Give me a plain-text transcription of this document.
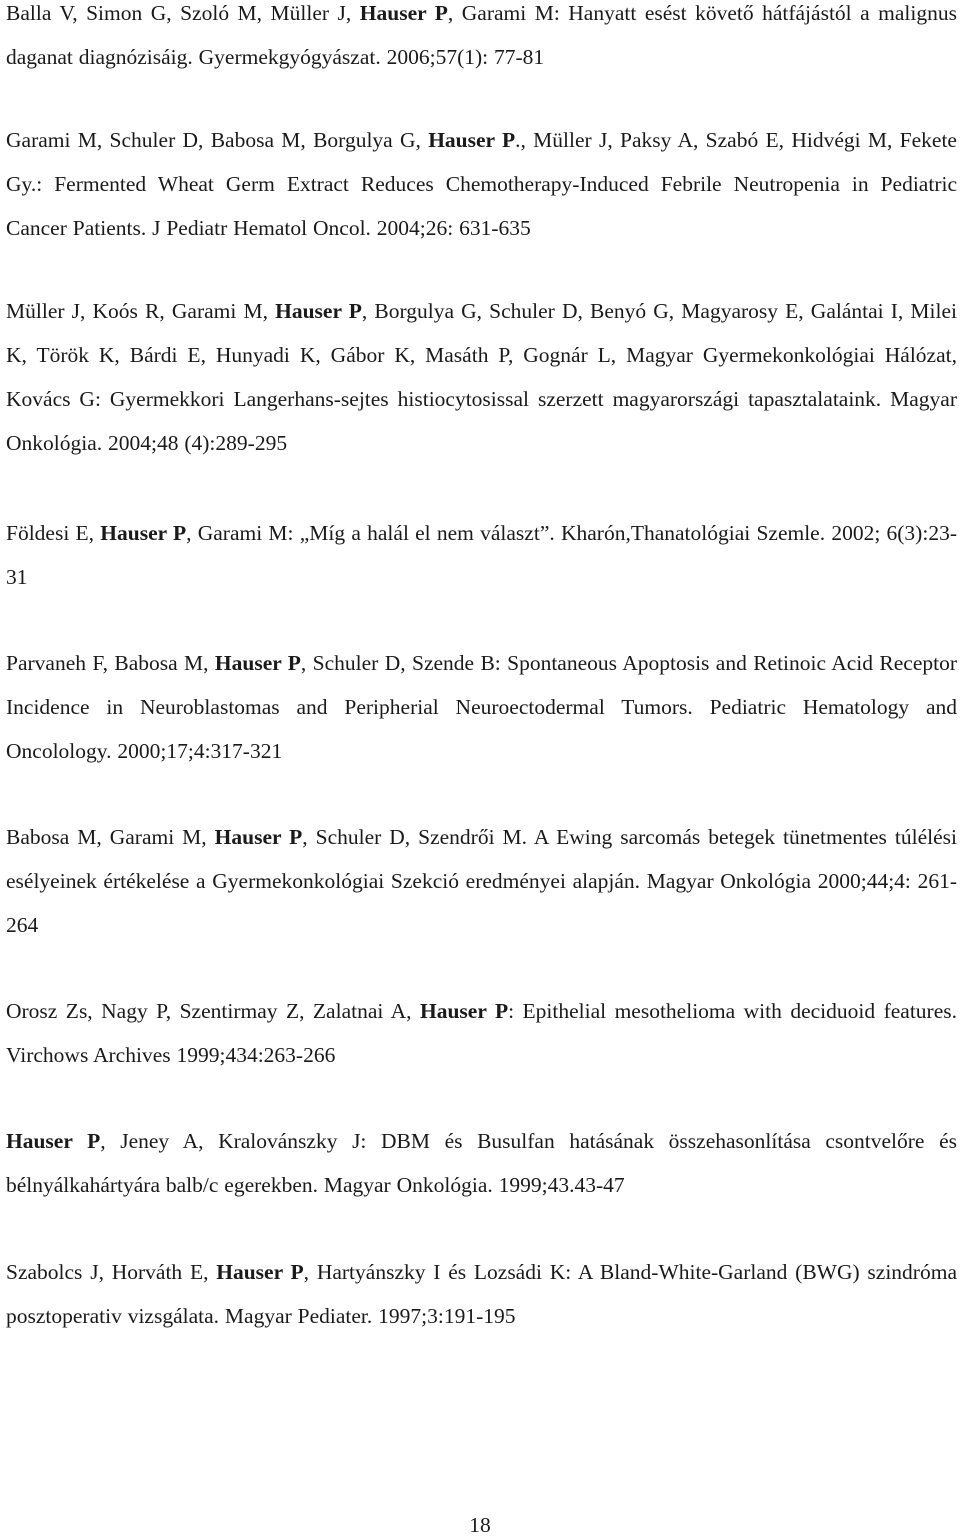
Balla V, Simon G, Szoló M, Müller J, Hauser P, Garami M: Hanyatt esést követő hátfájástól a malignus daganat diagnózisáig. Gyermekgyógyászat. 2006;57(1): 77-81

Garami M, Schuler D, Babosa M, Borgulya G, Hauser P., Müller J, Paksy A, Szabó E, Hidvégi M, Fekete Gy.: Fermented Wheat Germ Extract Reduces Chemotherapy-Induced Febrile Neutropenia in Pediatric Cancer Patients. J Pediatr Hematol Oncol. 2004;26: 631-635

Müller J, Koós R, Garami M, Hauser P, Borgulya G, Schuler D, Benyó G, Magyarosy E, Galántai I, Milei K, Török K, Bárdi E, Hunyadi K, Gábor K, Masáth P, Gognár L, Magyar Gyermekonkológiai Hálózat, Kovács G: Gyermekkori Langerhans-sejtes histiocytosissal szerzett magyarországi tapasztalataink. Magyar Onkológia. 2004;48 (4):289-295

Földesi E, Hauser P, Garami M: „Míg a halál el nem választ”. Kharón,Thanatológiai Szemle. 2002; 6(3):23-31

Parvaneh F, Babosa M, Hauser P, Schuler D, Szende B: Spontaneous Apoptosis and Retinoic Acid Receptor Incidence in Neuroblastomas and Peripherial Neuroectodermal Tumors. Pediatric Hematology and Oncolology. 2000;17;4:317-321

Babosa M, Garami M, Hauser P, Schuler D, Szendrői M. A Ewing sarcomás betegek tünetmentes túlélési esélyeinek értékelése a Gyermekonkológiai Szekció eredményei alapján. Magyar Onkológia 2000;44;4: 261-264

Orosz Zs, Nagy P, Szentirmay Z, Zalatnai A, Hauser P: Epithelial mesothelioma with deciduoid features. Virchows Archives 1999;434:263-266

Hauser P, Jeney A, Kralovánszky J: DBM és Busulfan hatásának összehasonlítása csontvelőre és bélnyálkahártyára balb/c egerekben. Magyar Onkológia. 1999;43.43-47

Szabolcs J, Horváth E, Hauser P, Hartyánszky I és Lozsádi K: A Bland-White-Garland (BWG) szindróma posztoperativ vizsgálata. Magyar Pediater. 1997;3:191-195

18
